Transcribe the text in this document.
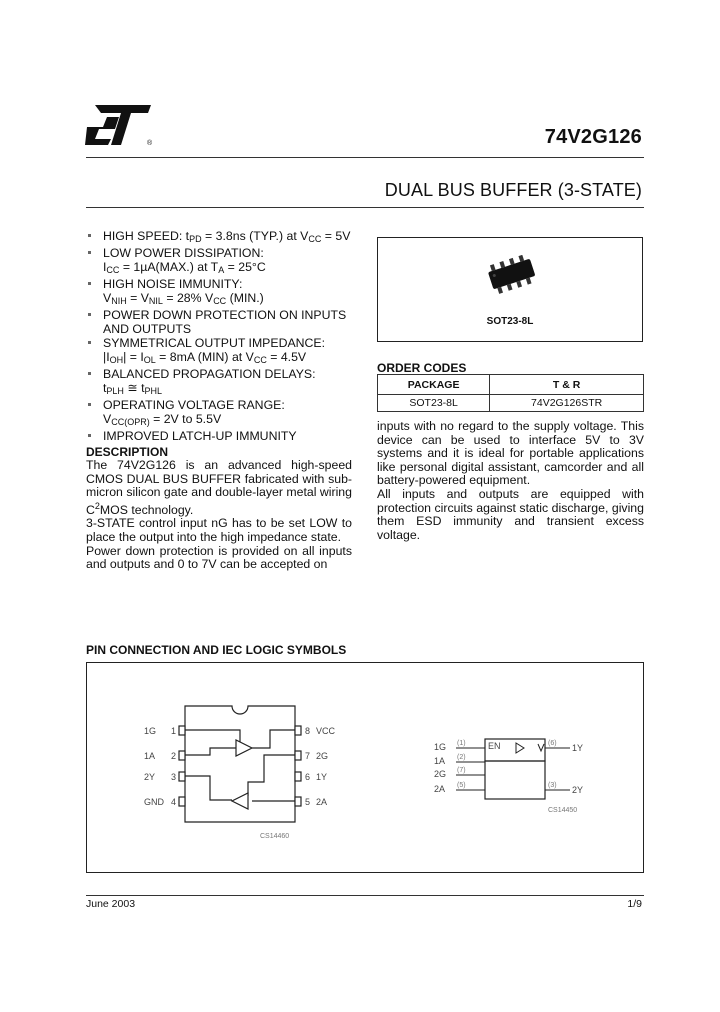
®	74V2G126
DUAL BUS BUFFER (3-STATE)
HIGH SPEED: $t_{PD} = 3.8ns$ (TYP.) at $V_{CC} = 5V$
LOW POWER DISSIPATION:
$I_{CC} = 1\mu A(MAX.)$ at $T_A = 25^\circ C$
HIGH NOISE IMMUNITY:
$V_{NIH} = V_{NIL} = 28\%$ $V_{CC}$ (MIN.)
POWER DOWN PROTECTION ON INPUTS
AND OUTPUTS
SYMMETRICAL OUTPUT IMPEDANCE:
$|I_{OH}| = I_{OL} = 8mA$ (MIN) at $V_{CC} = 4.5V$
BALANCED PROPAGATION DELAYS:
$t_{PLH}$ ≅ $t_{PHL}$
OPERATING VOLTAGE RANGE:
$V_{CC(OPR)} = 2V$ to 5.5V
IMPROVED LATCH-UP IMMUNITY
SOT23-8L
ORDER CODES
PACKAGE	T & R
SOT23-8L	74V2G126STR
DESCRIPTION

The 74V2G126 is an advanced high-speed CMOS DUAL BUS BUFFER fabricated with sub-micron silicon gate and double-layer metal wiring $C^2MOS$ technology.

3-STATE control input nG has to be set LOW to place the output into the high impedance state.

Power down protection is provided on all inputs and outputs and 0 to 7V can be accepted on

inputs with no regard to the supply voltage. This device can be used to interface 5V to 3V systems and it is ideal for portable applications like personal digital assistant, camcorder and all battery-powered equipment.

All inputs and outputs are equipped with protection circuits against static discharge, giving them ESD immunity and transient excess voltage.

PIN CONNECTION AND IEC LOGIC SYMBOLS
1G
1A
2Y
GND
1
2
3
4
8
7
6
5
VCC
2G
1Y
2A
CS14460
EN
1G
1A
2G
2A
(1)
(2)
(7)
(5)
(6)
(3)
1Y
2Y
CS14450
June 2003	1/9
